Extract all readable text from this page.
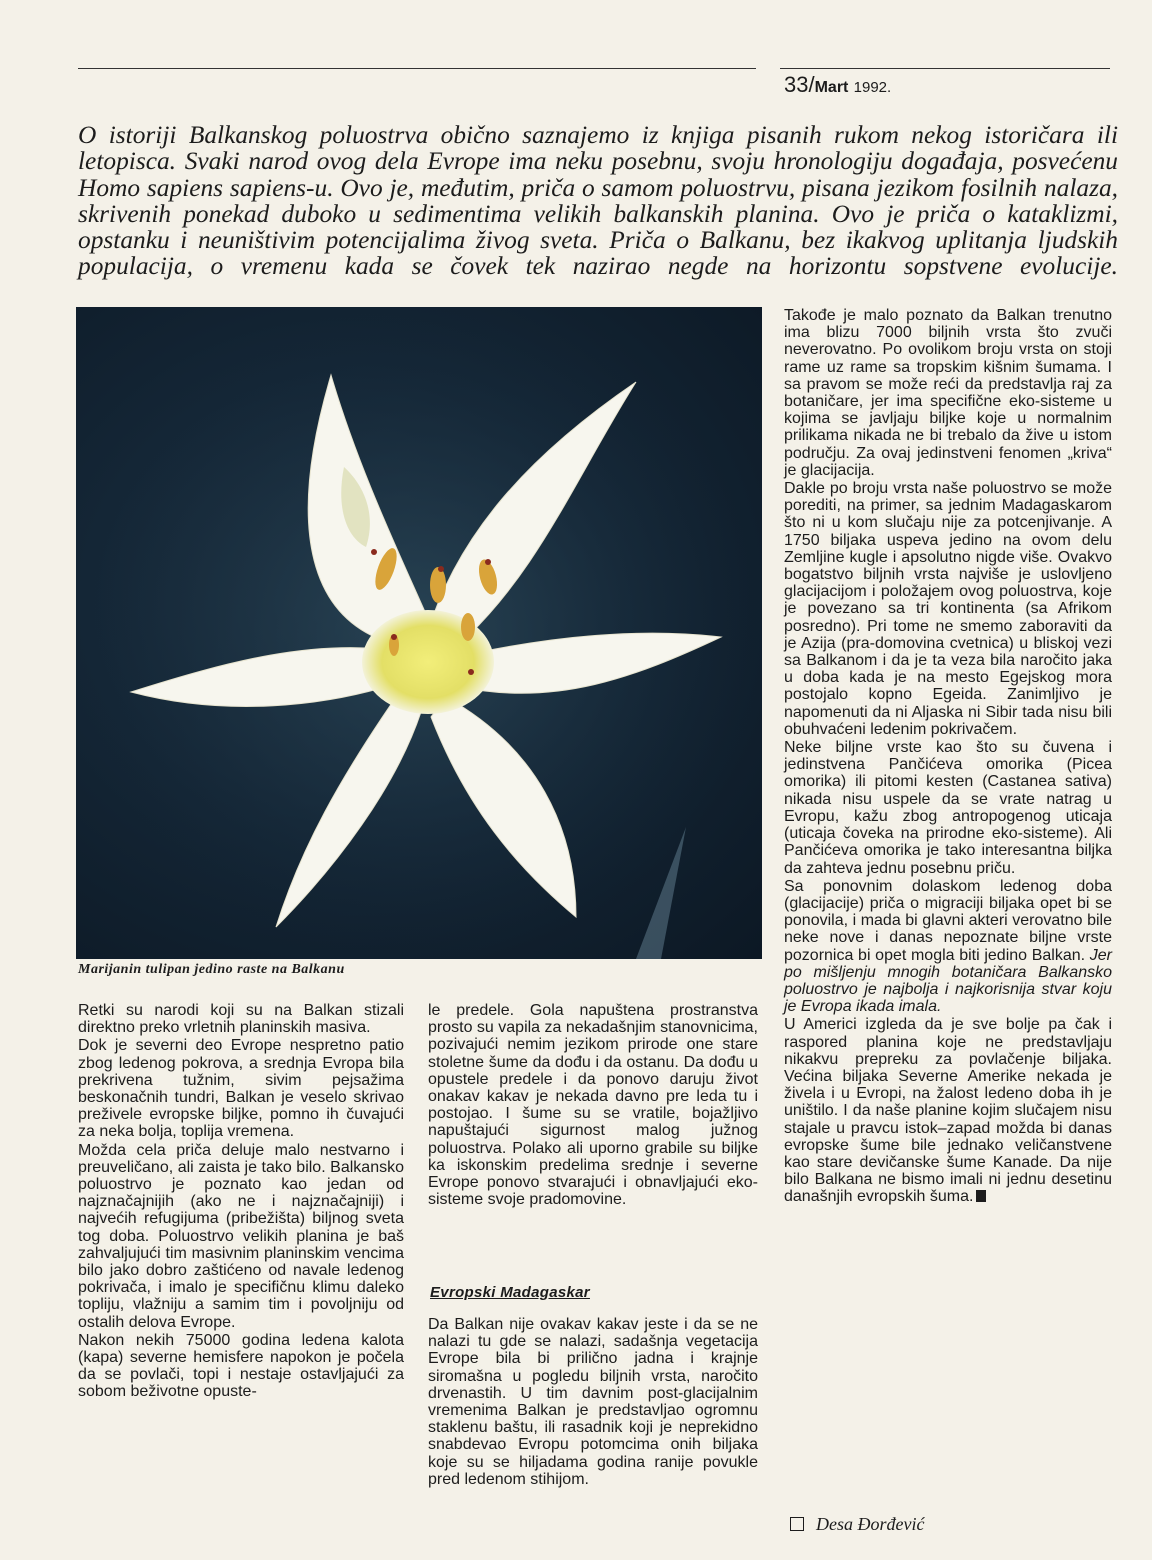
33/Mart 1992.
O istoriji Balkanskog poluostrva obično saznajemo iz knjiga pisanih rukom nekog istoričara ili letopisca. Svaki narod ovog dela Evrope ima neku posebnu, svoju hronologiju događaja, posvećenu Homo sapiens sapiens-u. Ovo je, međutim, priča o samom poluostrvu, pisana jezikom fosilnih nalaza, skrivenih ponekad duboko u sedimentima velikih balkanskih planina. Ovo je priča o kataklizmi, opstanku i neuništivim potencijalima živog sveta. Priča o Balkanu, bez ikakvog uplitanja ljudskih populacija, o vremenu kada se čovek tek nazirao negde na horizontu sopstvene evolucije.
Marijanin tulipan jedino raste na Balkanu

Retki su narodi koji su na Balkan stizali direktno preko vrletnih planinskih masiva.

Dok je severni deo Evrope nespretno patio zbog ledenog pokrova, a srednja Evropa bila prekrivena tužnim, sivim pejsažima beskonačnih tundri, Balkan je veselo skrivao preživele evropske biljke, pomno ih čuvajući za neka bolja, toplija vremena.

Možda cela priča deluje malo nestvarno i preuveličano, ali zaista je tako bilo. Balkansko poluostrvo je poznato kao jedan od najznačajnijih (ako ne i najznačajniji) i najvećih refugijuma (pribežišta) biljnog sveta tog doba. Poluostrvo velikih planina je baš zahvaljujući tim masivnim planinskim vencima bilo jako dobro zaštićeno od navale ledenog pokrivača, i imalo je specifičnu klimu daleko topliju, vlažniju a samim tim i povoljniju od ostalih delova Evrope.

Nakon nekih 75000 godina ledena kalota (kapa) severne hemisfere napokon je počela da se povlači, topi i nestaje ostavljajući za sobom beživotne opuste-

le predele. Gola napuštena prostranstva prosto su vapila za nekadašnjim stanovnicima, pozivajući nemim jezikom prirode one stare stoletne šume da dođu i da ostanu. Da dođu u opustele predele i da ponovo daruju život onakav kakav je nekada davno pre leda tu i postojao. I šume su se vratile, bojažljivo napuštajući sigurnost malog južnog poluostrva. Polako ali uporno grabile su biljke ka iskonskim predelima srednje i severne Evrope ponovo stvarajući i obnavljajući eko-sisteme svoje pradomovine.

Evropski Madagaskar

Da Balkan nije ovakav kakav jeste i da se ne nalazi tu gde se nalazi, sadašnja vegetacija Evrope bila bi prilično jadna i krajnje siromašna u pogledu biljnih vrsta, naročito drvenastih. U tim davnim post-glacijalnim vremenima Balkan je predstavljao ogromnu staklenu baštu, ili rasadnik koji je neprekidno snabdevao Evropu potomcima onih biljaka koje su se hiljadama godina ranije povukle pred ledenom stihijom.

Takođe je malo poznato da Balkan trenutno ima blizu 7000 biljnih vrsta što zvuči neverovatno. Po ovolikom broju vrsta on stoji rame uz rame sa tropskim kišnim šumama. I sa pravom se može reći da predstavlja raj za botaničare, jer ima specifične eko-sisteme u kojima se javljaju biljke koje u normalnim prilikama nikada ne bi trebalo da žive u istom području. Za ovaj jedinstveni fenomen „kriva“ je glacijacija.

Dakle po broju vrsta naše poluostrvo se može porediti, na primer, sa jednim Madagaskarom što ni u kom slučaju nije za potcenjivanje. A 1750 biljaka uspeva jedino na ovom delu Zemljine kugle i apsolutno nigde više. Ovakvo bogatstvo biljnih vrsta najviše je uslovljeno glacijacijom i položajem ovog poluostrva, koje je povezano sa tri kontinenta (sa Afrikom posredno). Pri tome ne smemo zaboraviti da je Azija (pra-domovina cvetnica) u bliskoj vezi sa Balkanom i da je ta veza bila naročito jaka u doba kada je na mesto Egejskog mora postojalo kopno Egeida. Zanimljivo je napomenuti da ni Aljaska ni Sibir tada nisu bili obuhvaćeni ledenim pokrivačem.

Neke biljne vrste kao što su čuvena i jedinstvena Pančićeva omorika (Picea omorika) ili pitomi kesten (Castanea sativa) nikada nisu uspele da se vrate natrag u Evropu, kažu zbog antropogenog uticaja (uticaja čoveka na prirodne eko-sisteme). Ali Pančićeva omorika je tako interesantna biljka da zahteva jednu posebnu priču.

Sa ponovnim dolaskom ledenog doba (glacijacije) priča o migraciji biljaka opet bi se ponovila, i mada bi glavni akteri verovatno bile neke nove i danas nepoznate biljne vrste pozornica bi opet mogla biti jedino Balkan. Jer po mišljenju mnogih botaničara Balkansko poluostrvo je najbolja i najkorisnija stvar koju je Evropa ikada imala.

U Americi izgleda da je sve bolje pa čak i raspored planina koje ne predstavljaju nikakvu prepreku za povlačenje biljaka. Većina biljaka Severne Amerike nekada je živela i u Evropi, na žalost ledeno doba ih je uništilo. I da naše planine kojim slučajem nisu stajale u pravcu istok–zapad možda bi danas evropske šume bile jednako veličanstvene kao stare devičanske šume Kanade. Da nije bilo Balkana ne bismo imali ni jednu desetinu današnjih evropskih šuma.

Desa Đorđević
